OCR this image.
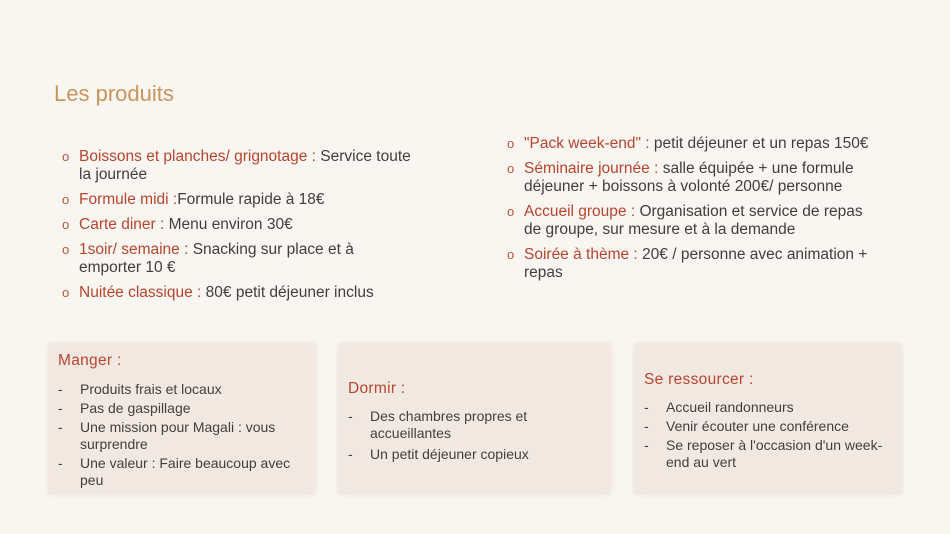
Les produits
o Boissons et planches/ grignotage : Service toute la journée
o Formule midi :Formule rapide à 18€
o Carte diner : Menu environ 30€
o 1soir/ semaine : Snacking sur place et à emporter 10 €
o Nuitée classique : 80€ petit déjeuner inclus
o "Pack week-end" : petit déjeuner et un repas 150€
o Séminaire journée : salle équipée + une formule déjeuner + boissons à volonté 200€/ personne
o Accueil groupe : Organisation et service de repas de groupe, sur mesure et à la demande
o Soirée à thème : 20€ / personne avec animation + repas
Manger :
- Produits frais et locaux
- Pas de gaspillage
- Une mission pour Magali : vous surprendre
- Une valeur : Faire beaucoup avec peu
Dormir :
- Des chambres propres et accueillantes
- Un petit déjeuner copieux
Se ressourcer :
- Accueil randonneurs
- Venir écouter une conférence
- Se reposer à l'occasion d'un week-end au vert
